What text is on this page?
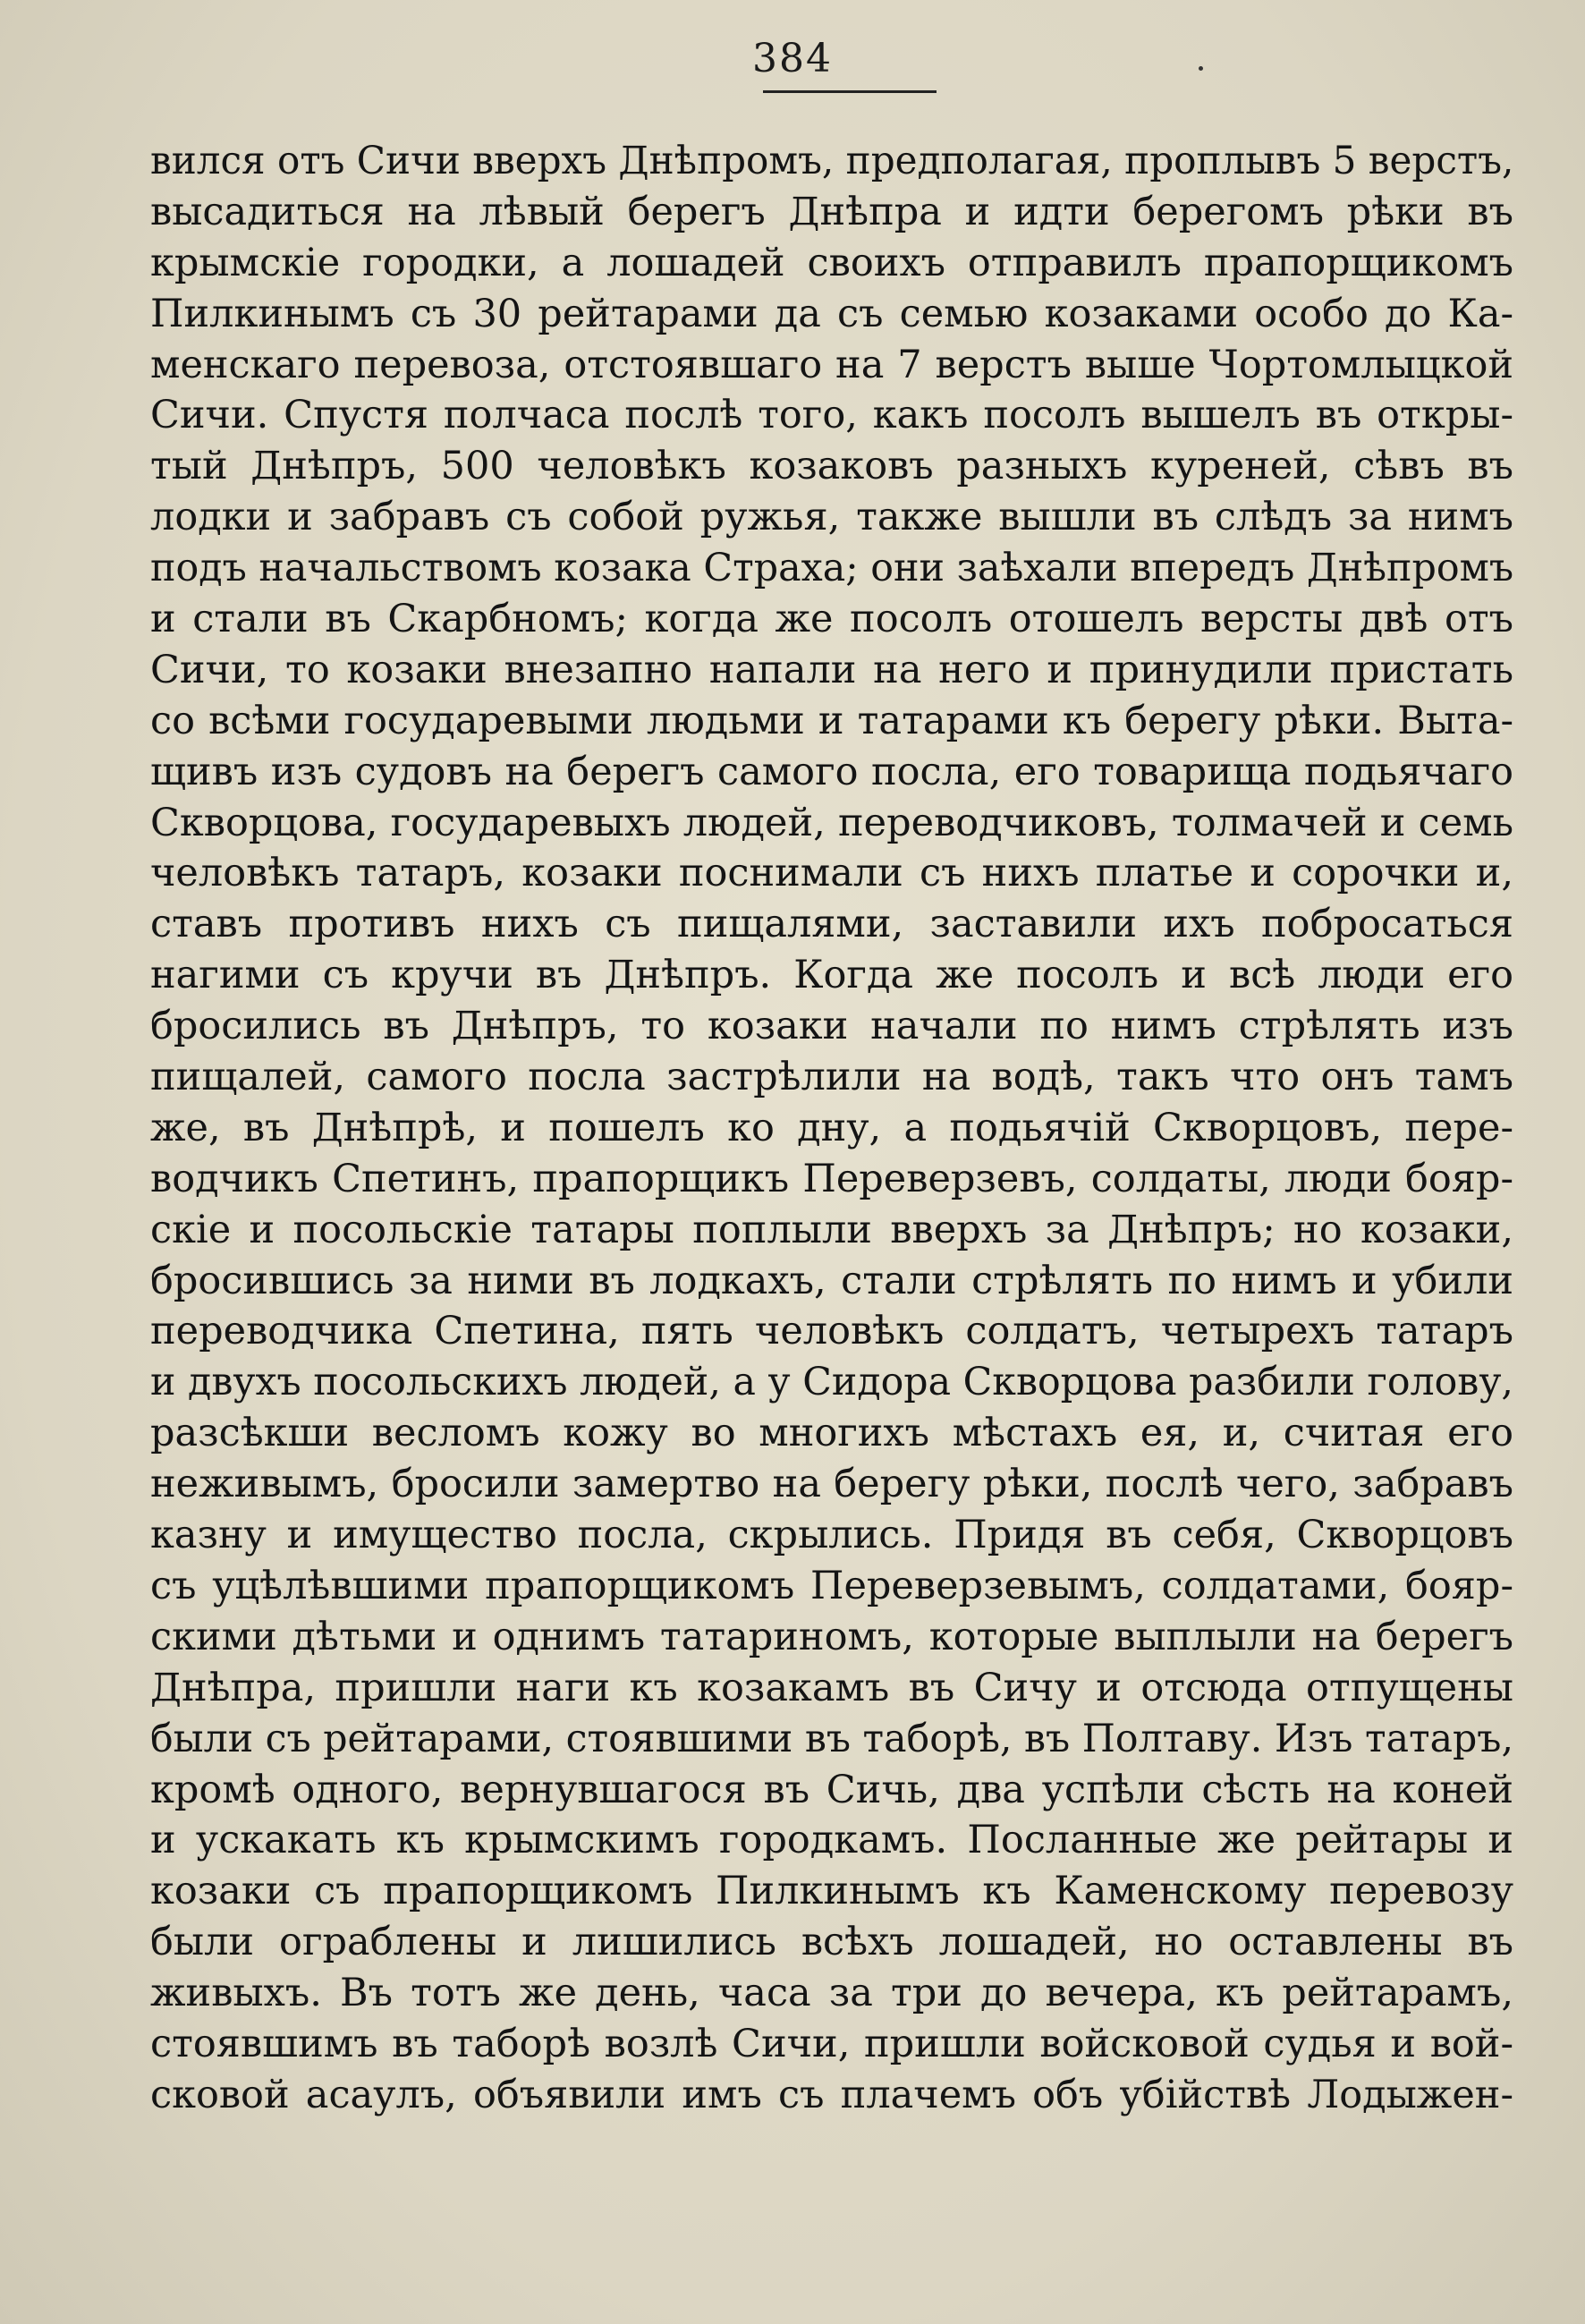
384
вился отъ Сичи вверхъ Днѣпромъ, предполагая, проплывъ 5 верстъ,
высадиться на лѣвый берегъ Днѣпра и идти берегомъ рѣки въ
крымскіе городки, а лошадей своихъ отправилъ прапорщикомъ
Пилкинымъ съ 30 рейтарами да съ семью козаками особо до Ка-
менскаго перевоза, отстоявшаго на 7 верстъ выше Чортомлыцкой
Сичи. Спустя полчаса послѣ того, какъ посолъ вышелъ въ откры-
тый Днѣпръ, 500 человѣкъ козаковъ разныхъ куреней, сѣвъ въ
лодки и забравъ съ собой ружья, также вышли въ слѣдъ за нимъ
подъ начальствомъ козака Страха; они заѣхали впередъ Днѣпромъ
и стали въ Скарбномъ; когда же посолъ отошелъ версты двѣ отъ
Сичи, то козаки внезапно напали на него и принудили пристать
со всѣми государевыми людьми и татарами къ берегу рѣки. Выта-
щивъ изъ судовъ на берегъ самого посла, его товарища подьячаго
Скворцова, государевыхъ людей, переводчиковъ, толмачей и семь
человѣкъ татаръ, козаки поснимали съ нихъ платье и сорочки и,
ставъ противъ нихъ съ пищалями, заставили ихъ побросаться
нагими съ кручи въ Днѣпръ. Когда же посолъ и всѣ люди его
бросились въ Днѣпръ, то козаки начали по нимъ стрѣлять изъ
пищалей, самого посла застрѣлили на водѣ, такъ что онъ тамъ
же, въ Днѣпрѣ, и пошелъ ко дну, а подьячій Скворцовъ, пере-
водчикъ Спетинъ, прапорщикъ Переверзевъ, солдаты, люди бояр-
скіе и посольскіе татары поплыли вверхъ за Днѣпръ; но козаки,
бросившись за ними въ лодкахъ, стали стрѣлять по нимъ и убили
переводчика Спетина, пять человѣкъ солдатъ, четырехъ татаръ
и двухъ посольскихъ людей, а у Сидора Скворцова разбили голову,
разсѣкши весломъ кожу во многихъ мѣстахъ ея, и, считая его
неживымъ, бросили замертво на берегу рѣки, послѣ чего, забравъ
казну и имущество посла, скрылись. Придя въ себя, Скворцовъ
съ уцѣлѣвшими прапорщикомъ Переверзевымъ, солдатами, бояр-
скими дѣтьми и однимъ татариномъ, которые выплыли на берегъ
Днѣпра, пришли наги къ козакамъ въ Сичу и отсюда отпущены
были съ рейтарами, стоявшими въ таборѣ, въ Полтаву. Изъ татаръ,
кромѣ одного, вернувшагося въ Сичь, два успѣли сѣсть на коней
и ускакать къ крымскимъ городкамъ. Посланные же рейтары и
козаки съ прапорщикомъ Пилкинымъ къ Каменскому перевозу
были ограблены и лишились всѣхъ лошадей, но оставлены въ
живыхъ. Въ тотъ же день, часа за три до вечера, къ рейтарамъ,
стоявшимъ въ таборѣ возлѣ Сичи, пришли войсковой судья и вой-
сковой асаулъ, объявили имъ съ плачемъ объ убійствѣ Лодыжен-
